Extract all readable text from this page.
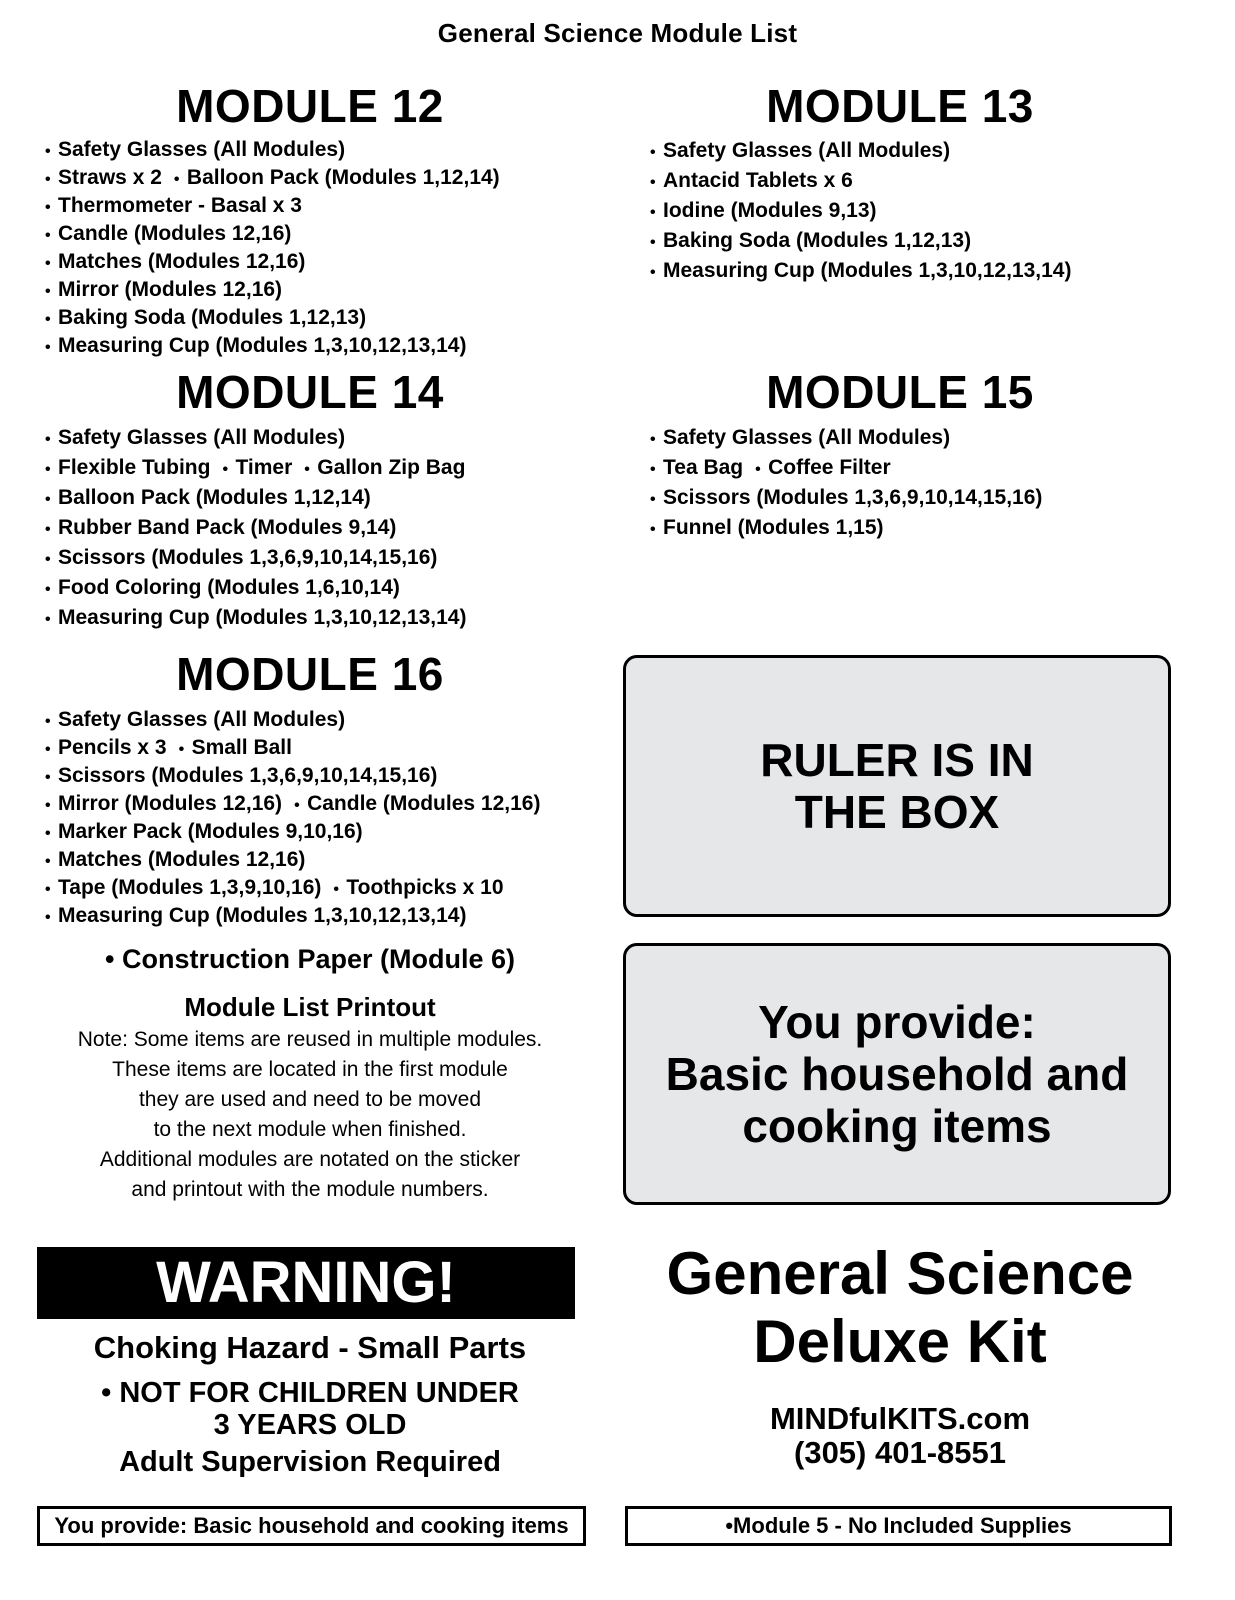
General Science Module List
MODULE 12
• Safety Glasses (All Modules)
• Straws x 2 • Balloon Pack (Modules 1,12,14)
• Thermometer - Basal x 3
• Candle (Modules 12,16)
• Matches (Modules 12,16)
• Mirror (Modules 12,16)
• Baking Soda (Modules 1,12,13)
• Measuring Cup (Modules 1,3,10,12,13,14)
MODULE 13
• Safety Glasses (All Modules)
• Antacid Tablets x 6
• Iodine (Modules 9,13)
• Baking Soda (Modules 1,12,13)
• Measuring Cup (Modules 1,3,10,12,13,14)
MODULE 14
• Safety Glasses (All Modules)
• Flexible Tubing • Timer • Gallon Zip Bag
• Balloon Pack (Modules 1,12,14)
• Rubber Band Pack (Modules 9,14)
• Scissors (Modules 1,3,6,9,10,14,15,16)
• Food Coloring (Modules 1,6,10,14)
• Measuring Cup (Modules 1,3,10,12,13,14)
MODULE 15
• Safety Glasses (All Modules)
• Tea Bag • Coffee Filter
• Scissors (Modules 1,3,6,9,10,14,15,16)
• Funnel (Modules 1,15)
MODULE 16
• Safety Glasses (All Modules)
• Pencils x 3 • Small Ball
• Scissors (Modules 1,3,6,9,10,14,15,16)
• Mirror (Modules 12,16) • Candle (Modules 12,16)
• Marker Pack (Modules 9,10,16)
• Matches (Modules 12,16)
• Tape (Modules 1,3,9,10,16) • Toothpicks x 10
• Measuring Cup (Modules 1,3,10,12,13,14)
RULER IS IN
THE BOX
• Construction Paper (Module 6)
Module List Printout
Note: Some items are reused in multiple modules.
These items are located in the first module
they are used and need to be moved
to the next module when finished.
Additional modules are notated on the sticker
and printout with the module numbers.
You provide:
Basic household and
cooking items
WARNING!
Choking Hazard - Small Parts
• NOT FOR CHILDREN UNDER
3 YEARS OLD
Adult Supervision Required
General Science
Deluxe Kit
MINDfulKITS.com
(305) 401-8551
You provide: Basic household and cooking items	•Module 5 - No Included Supplies
